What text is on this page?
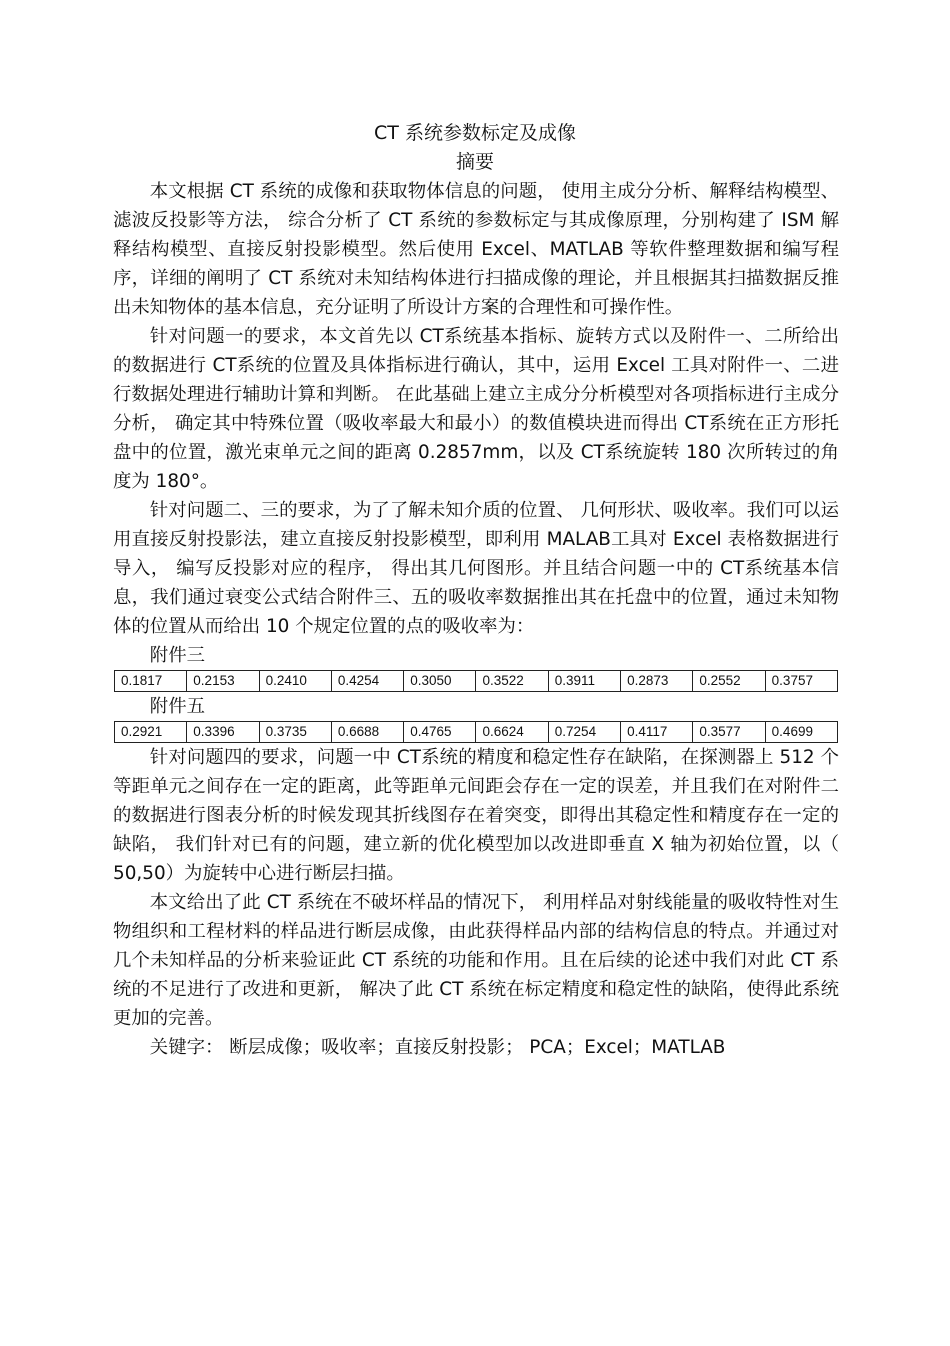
CT 系统参数标定及成像
摘要

本文根据 CT 系统的成像和获取物体信息的问题， 使用主成分分析、解释结构模型、滤波反投影等方法， 综合分析了 CT 系统的参数标定与其成像原理，分别构建了 ISM 解释结构模型、直接反射投影模型。然后使用 Excel、MATLAB 等软件整理数据和编写程序，详细的阐明了 CT 系统对未知结构体进行扫描成像的理论，并且根据其扫描数据反推出未知物体的基本信息，充分证明了所设计方案的合理性和可操作性。

针对问题一的要求，本文首先以 CT系统基本指标、旋转方式以及附件一、二所给出的数据进行 CT系统的位置及具体指标进行确认，其中，运用 Excel 工具对附件一、二进行数据处理进行辅助计算和判断。 在此基础上建立主成分分析模型对各项指标进行主成分分析， 确定其中特殊位置（吸收率最大和最小）的数值模块进而得出 CT系统在正方形托盘中的位置，激光束单元之间的距离 0.2857mm，以及 CT系统旋转 180 次所转过的角度为 180°。

针对问题二、三的要求，为了了解未知介质的位置、 几何形状、吸收率。我们可以运用直接反射投影法，建立直接反射投影模型，即利用 MALAB工具对 Excel 表格数据进行导入， 编写反投影对应的程序， 得出其几何图形。并且结合问题一中的 CT系统基本信息，我们通过衰变公式结合附件三、五的吸收率数据推出其在托盘中的位置，通过未知物体的位置从而给出 10 个规定位置的点的吸收率为：

附件三
0.1817	0.2153	0.2410	0.4254	0.3050	0.3522	0.3911	0.2873	0.2552	0.3757
附件五
0.2921	0.3396	0.3735	0.6688	0.4765	0.6624	0.7254	0.4117	0.3577	0.4699

针对问题四的要求，问题一中 CT系统的精度和稳定性存在缺陷，在探测器上 512 个等距单元之间存在一定的距离，此等距单元间距会存在一定的误差，并且我们在对附件二的数据进行图表分析的时候发现其折线图存在着突变，即得出其稳定性和精度存在一定的缺陷， 我们针对已有的问题，建立新的优化模型加以改进即垂直 X 轴为初始位置，以（ 50,50）为旋转中心进行断层扫描。

本文给出了此 CT 系统在不破坏样品的情况下， 利用样品对射线能量的吸收特性对生物组织和工程材料的样品进行断层成像，由此获得样品内部的结构信息的特点。并通过对几个未知样品的分析来验证此 CT 系统的功能和作用。且在后续的论述中我们对此 CT 系统的不足进行了改进和更新， 解决了此 CT 系统在标定精度和稳定性的缺陷，使得此系统更加的完善。

关键字： 断层成像；吸收率；直接反射投影； PCA；Excel；MATLAB
